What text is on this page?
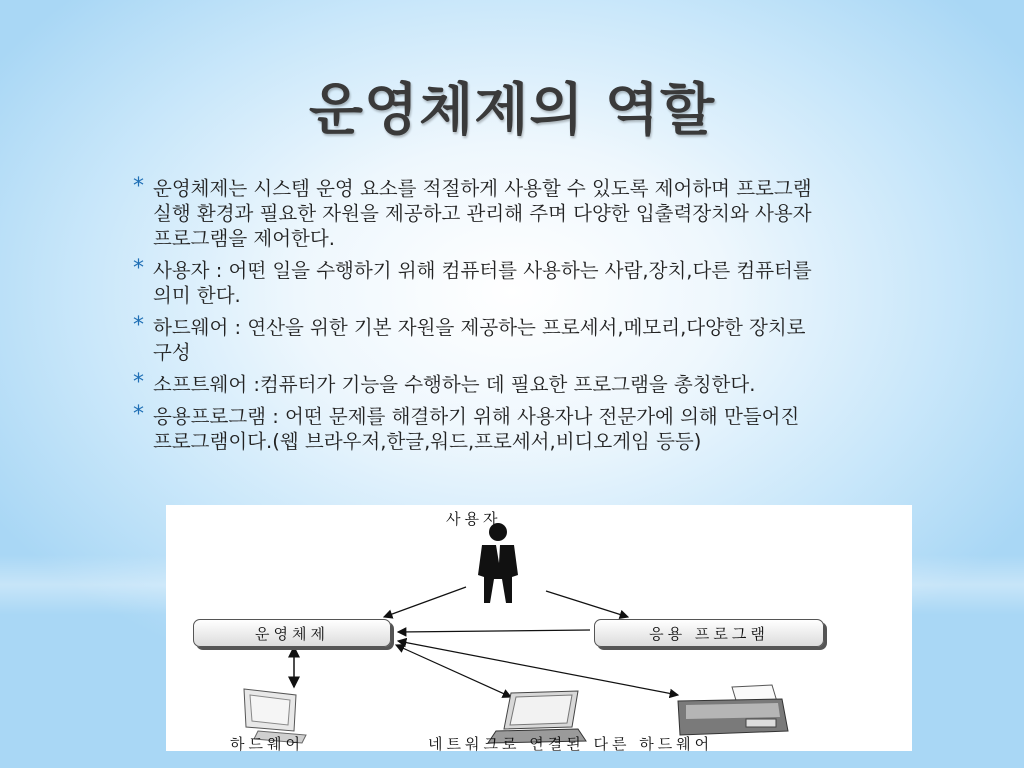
운영체제의 역할
* 운영체제는 시스템 운영 요소를 적절하게 사용할 수 있도록 제어하며 프로그램 실행 환경과 필요한 자원을 제공하고 관리해 주며 다양한 입출력장치와 사용자 프로그램을 제어한다.
* 사용자 : 어떤 일을 수행하기 위해 컴퓨터를 사용하는 사람,장치,다른 컴퓨터를 의미 한다.
* 하드웨어 : 연산을 위한 기본 자원을 제공하는 프로세서,메모리,다양한 장치로 구성
* 소프트웨어 :컴퓨터가 기능을 수행하는 데 필요한 프로그램을 총칭한다.
* 응용프로그램 : 어떤 문제를 해결하기 위해 사용자나 전문가에 의해 만들어진 프로그램이다.(웹 브라우저,한글,워드,프로세서,비디오게임 등등)
사용자
운영체제	응용 프로그램
하드웨어	네트워크로 연결된 다른 하드웨어
